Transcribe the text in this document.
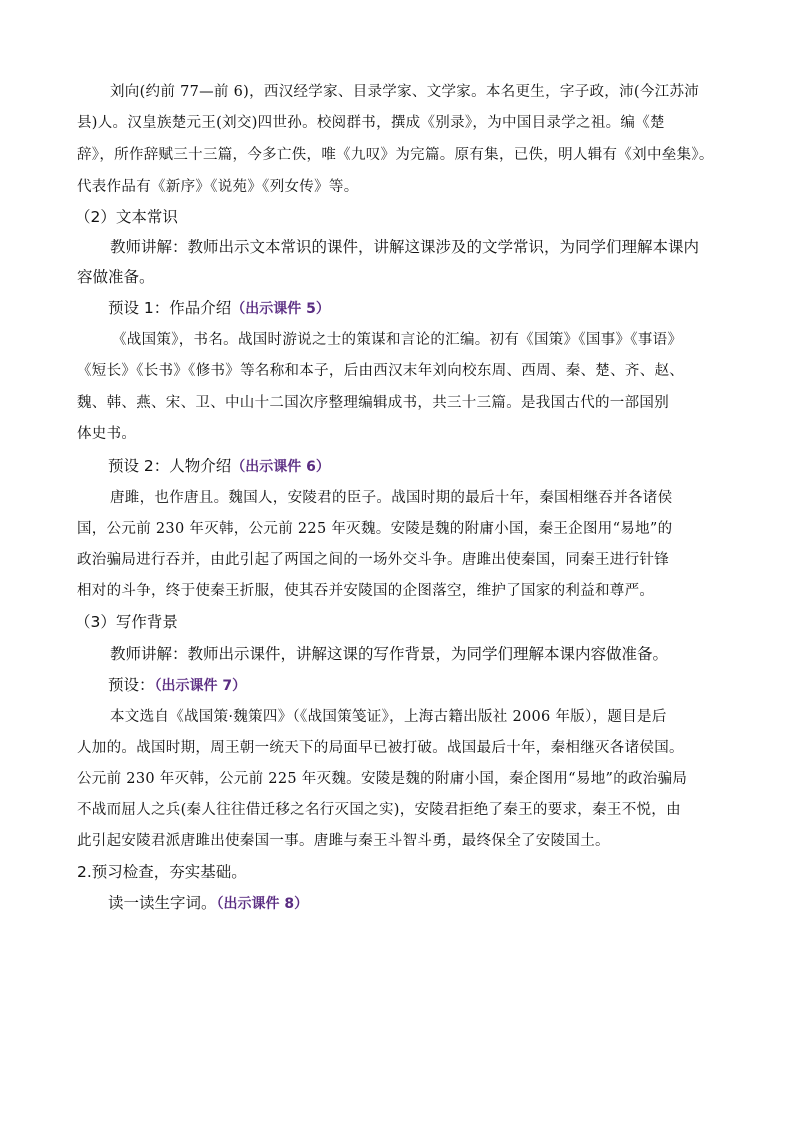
刘向(约前 77—前 6)，西汉经学家、目录学家、文学家。本名更生，字子政，沛(今江苏沛
县)人。汉皇族楚元王(刘交)四世孙。校阅群书，撰成《别录》，为中国目录学之祖。编《楚
辞》，所作辞赋三十三篇，今多亡佚，唯《九叹》为完篇。原有集，已佚，明人辑有《刘中垒集》。
代表作品有《新序》《说苑》《列女传》等。
（2）文本常识
教师讲解：教师出示文本常识的课件，讲解这课涉及的文学常识，为同学们理解本课内
容做准备。
预设 1：作品介绍（出示课件 5）
《战国策》，书名。战国时游说之士的策谋和言论的汇编。初有《国策》《国事》《事语》
《短长》《长书》《修书》等名称和本子，后由西汉末年刘向校东周、西周、秦、楚、齐、赵、
魏、韩、燕、宋、卫、中山十二国次序整理编辑成书，共三十三篇。是我国古代的一部国别
体史书。
预设 2：人物介绍（出示课件 6）
唐雎，也作唐且。魏国人，安陵君的臣子。战国时期的最后十年，秦国相继吞并各诸侯
国，公元前 230 年灭韩，公元前 225 年灭魏。安陵是魏的附庸小国，秦王企图用“易地”的
政治骗局进行吞并，由此引起了两国之间的一场外交斗争。唐雎出使秦国，同秦王进行针锋
相对的斗争，终于使秦王折服，使其吞并安陵国的企图落空，维护了国家的利益和尊严。
（3）写作背景
教师讲解：教师出示课件，讲解这课的写作背景，为同学们理解本课内容做准备。
预设：（出示课件 7）
本文选自《战国策·魏策四》（《战国策笺证》，上海古籍出版社 2006 年版），题目是后
人加的。战国时期，周王朝一统天下的局面早已被打破。战国最后十年，秦相继灭各诸侯国。
公元前 230 年灭韩，公元前 225 年灭魏。安陵是魏的附庸小国，秦企图用“易地”的政治骗局
不战而屈人之兵(秦人往往借迁移之名行灭国之实)，安陵君拒绝了秦王的要求，秦王不悦，由
此引起安陵君派唐雎出使秦国一事。唐雎与秦王斗智斗勇，最终保全了安陵国土。
2.预习检查，夯实基础。
读一读生字词。（出示课件 8）
